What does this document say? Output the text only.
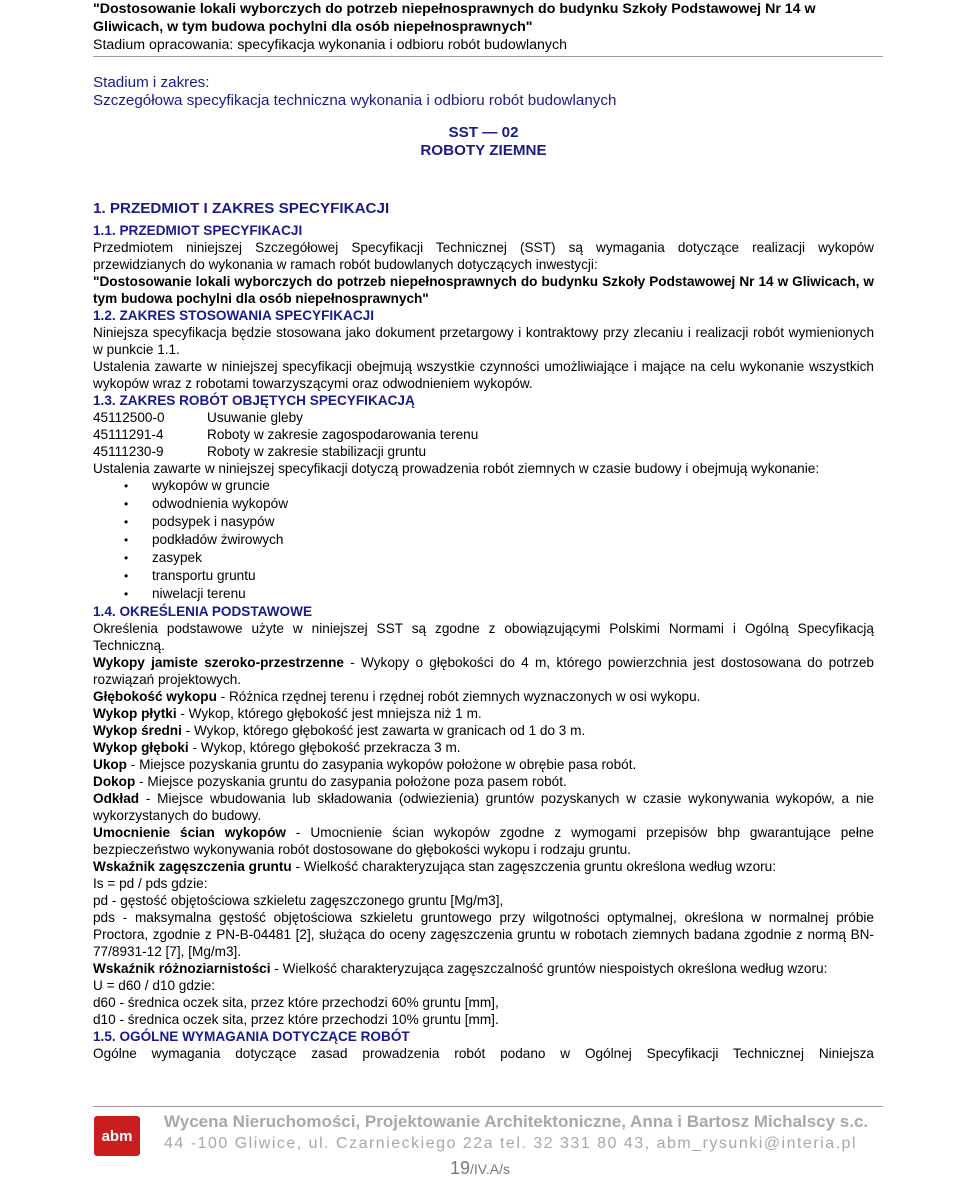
"Dostosowanie lokali wyborczych do potrzeb niepełnosprawnych do budynku Szkoły Podstawowej Nr 14 w
Gliwicach, w tym budowa pochylni dla osób niepełnosprawnych"
Stadium opracowania: specyfikacja wykonania i odbioru robót budowlanych
Stadium i zakres:
Szczegółowa specyfikacja techniczna wykonania i odbioru robót budowlanych
SST — 02
ROBOTY ZIEMNE
1. PRZEDMIOT I ZAKRES SPECYFIKACJI
1.1. PRZEDMIOT SPECYFIKACJI

Przedmiotem niniejszej Szczegółowej Specyfikacji Technicznej (SST) są wymagania dotyczące realizacji wykopów przewidzianych do wykonania w ramach robót budowlanych dotyczących inwestycji:

"Dostosowanie lokali wyborczych do potrzeb niepełnosprawnych do budynku Szkoły Podstawowej Nr 14 w Gliwicach, w tym budowa pochylni dla osób niepełnosprawnych"

1.2. ZAKRES STOSOWANIA SPECYFIKACJI

Niniejsza specyfikacja będzie stosowana jako dokument przetargowy i kontraktowy przy zlecaniu i realizacji robót wymienionych w punkcie 1.1.

Ustalenia zawarte w niniejszej specyfikacji obejmują wszystkie czynności umożliwiające i mające na celu wykonanie wszystkich wykopów wraz z robotami towarzyszącymi oraz odwodnieniem wykopów.

1.3. ZAKRES ROBÓT OBJĘTYCH SPECYFIKACJĄ
45112500-0	Usuwanie gleby
45111291-4	Roboty w zakresie zagospodarowania terenu
45111230-9	Roboty w zakresie stabilizacji gruntu

Ustalenia zawarte w niniejszej specyfikacji dotyczą prowadzenia robót ziemnych w czasie budowy i obejmują wykonanie:

• wykopów w gruncie
• odwodnienia wykopów
• podsypek i nasypów
• podkładów żwirowych
• zasypek
• transportu gruntu
• niwelacji terenu
1.4. OKREŚLENIA PODSTAWOWE

Określenia podstawowe użyte w niniejszej SST są zgodne z obowiązującymi Polskimi Normami i Ogólną Specyfikacją Techniczną.

Wykopy jamiste szeroko-przestrzenne - Wykopy o głębokości do 4 m, którego powierzchnia jest dostosowana do potrzeb rozwiązań projektowych.

Głębokość wykopu - Różnica rzędnej terenu i rzędnej robót ziemnych wyznaczonych w osi wykopu.

Wykop płytki - Wykop, którego głębokość jest mniejsza niż 1 m.

Wykop średni - Wykop, którego głębokość jest zawarta w granicach od 1 do 3 m.

Wykop głęboki - Wykop, którego głębokość przekracza 3 m.

Ukop - Miejsce pozyskania gruntu do zasypania wykopów położone w obrębie pasa robót.

Dokop - Miejsce pozyskania gruntu do zasypania położone poza pasem robót.

Odkład - Miejsce wbudowania lub składowania (odwiezienia) gruntów pozyskanych w czasie wykonywania wykopów, a nie wykorzystanych do budowy.

Umocnienie ścian wykopów - Umocnienie ścian wykopów zgodne z wymogami przepisów bhp gwarantujące pełne bezpieczeństwo wykonywania robót dostosowane do głębokości wykopu i rodzaju gruntu.

Wskaźnik zagęszczenia gruntu - Wielkość charakteryzująca stan zagęszczenia gruntu określona według wzoru:

Is = pd / pds gdzie:

pd - gęstość objętościowa szkieletu zagęszczonego gruntu [Mg/m3],

pds - maksymalna gęstość objętościowa szkieletu gruntowego przy wilgotności optymalnej, określona w normalnej próbie Proctora, zgodnie z PN-B-04481 [2], służąca do oceny zagęszczenia gruntu w robotach ziemnych badana zgodnie z normą BN-77/8931-12 [7], [Mg/m3].

Wskaźnik różnoziarnistości - Wielkość charakteryzująca zagęszczalność gruntów niespoistych określona według wzoru:

U = d60 / d10 gdzie:

d60 - średnica oczek sita, przez które przechodzi 60% gruntu [mm],

d10 - średnica oczek sita, przez które przechodzi 10% gruntu [mm].

1.5. OGÓLNE WYMAGANIA DOTYCZĄCE ROBÓT

Ogólne wymagania dotyczące zasad prowadzenia robót podano w Ogólnej Specyfikacji Technicznej Niniejsza

abm
Wycena Nieruchomości, Projektowanie Architektoniczne, Anna i Bartosz Michalscy s.c.
44 -100 Gliwice, ul. Czarnieckiego 22a tel. 32 331 80 43, abm_rysunki@interia.pl
19/IV.A/s
